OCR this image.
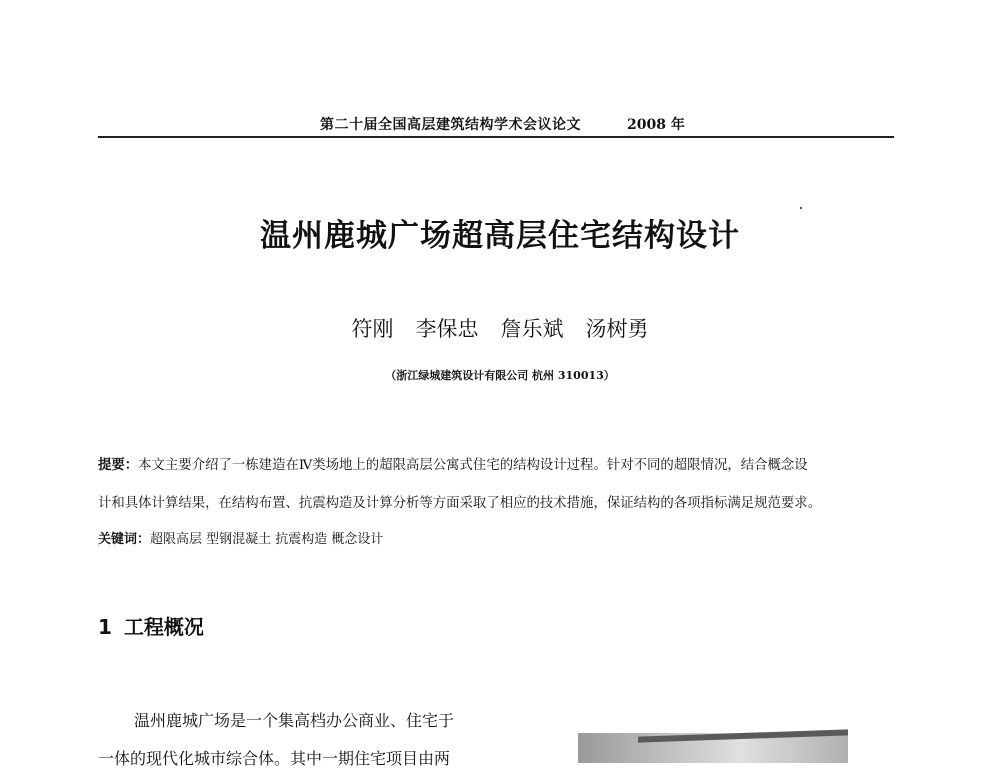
第二十届全国高层建筑结构学术会议论文	2008 年
温州鹿城广场超高层住宅结构设计
符刚 李保忠 詹乐斌 汤树勇
（浙江绿城建筑设计有限公司 杭州 310013）
提要：本文主要介绍了一栋建造在Ⅳ类场地上的超限高层公寓式住宅的结构设计过程。针对不同的超限情况，结合概念设
计和具体计算结果，在结构布置、抗震构造及计算分析等方面采取了相应的技术措施，保证结构的各项指标满足规范要求。
关键词：超限高层 型钢混凝土 抗震构造 概念设计
1 工程概况
温州鹿城广场是一个集高档办公商业、住宅于
一体的现代化城市综合体。其中一期住宅项目由两
